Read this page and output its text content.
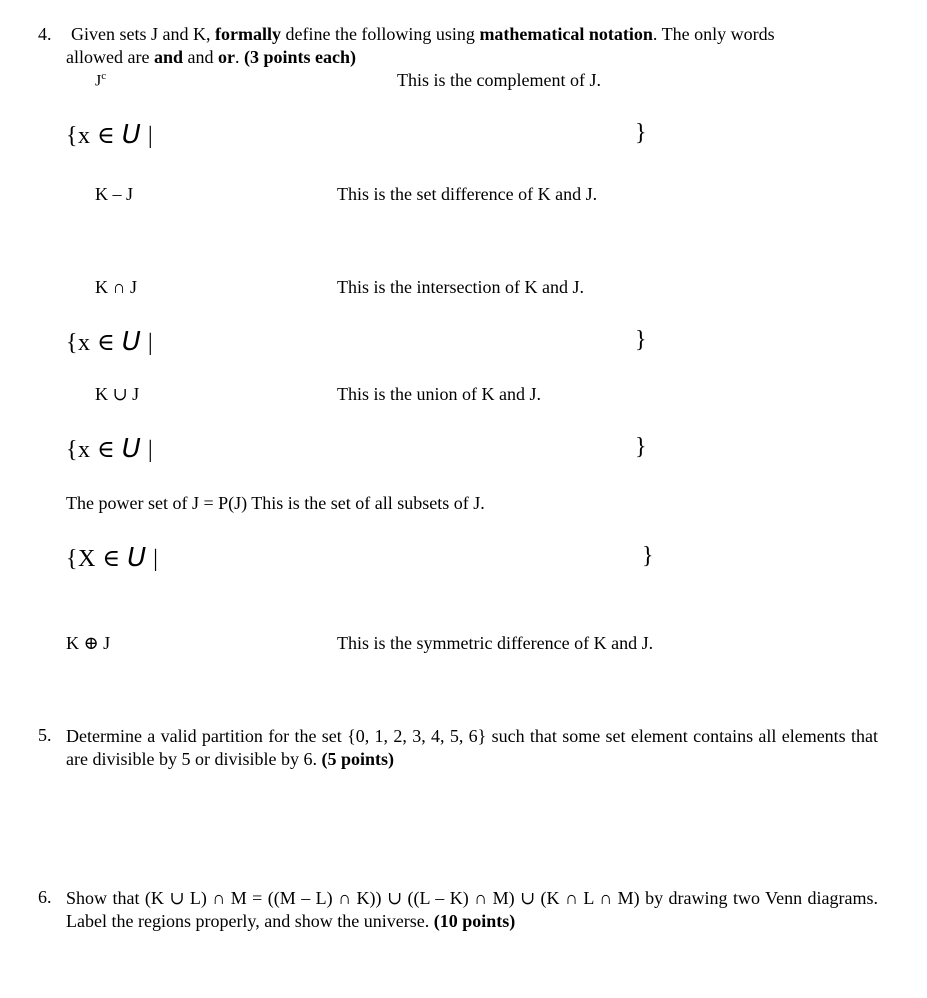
4. Given sets J and K, formally define the following using mathematical notation. The only words
allowed are and and or. (3 points each)
$J^c$	This is the complement of J.
{x ∈ U |	}
K – J	This is the set difference of K and J.
K ∩ J	This is the intersection of K and J.
{x ∈ U |	}
K ∪ J	This is the union of K and J.
{x ∈ U |	}
The power set of J = P(J) This is the set of all subsets of J.
{X ∈ U |	}
K ⊕ J	This is the symmetric difference of K and J.
5. Determine a valid partition for the set {0, 1, 2, 3, 4, 5, 6} such that some set element contains all elements that are divisible by 5 or divisible by 6. (5 points)
6. Show that (K ∪ L) ∩ M = ((M – L) ∩ K)) ∪ ((L – K) ∩ M) ∪ (K ∩ L ∩ M) by drawing two Venn diagrams. Label the regions properly, and show the universe. (10 points)
